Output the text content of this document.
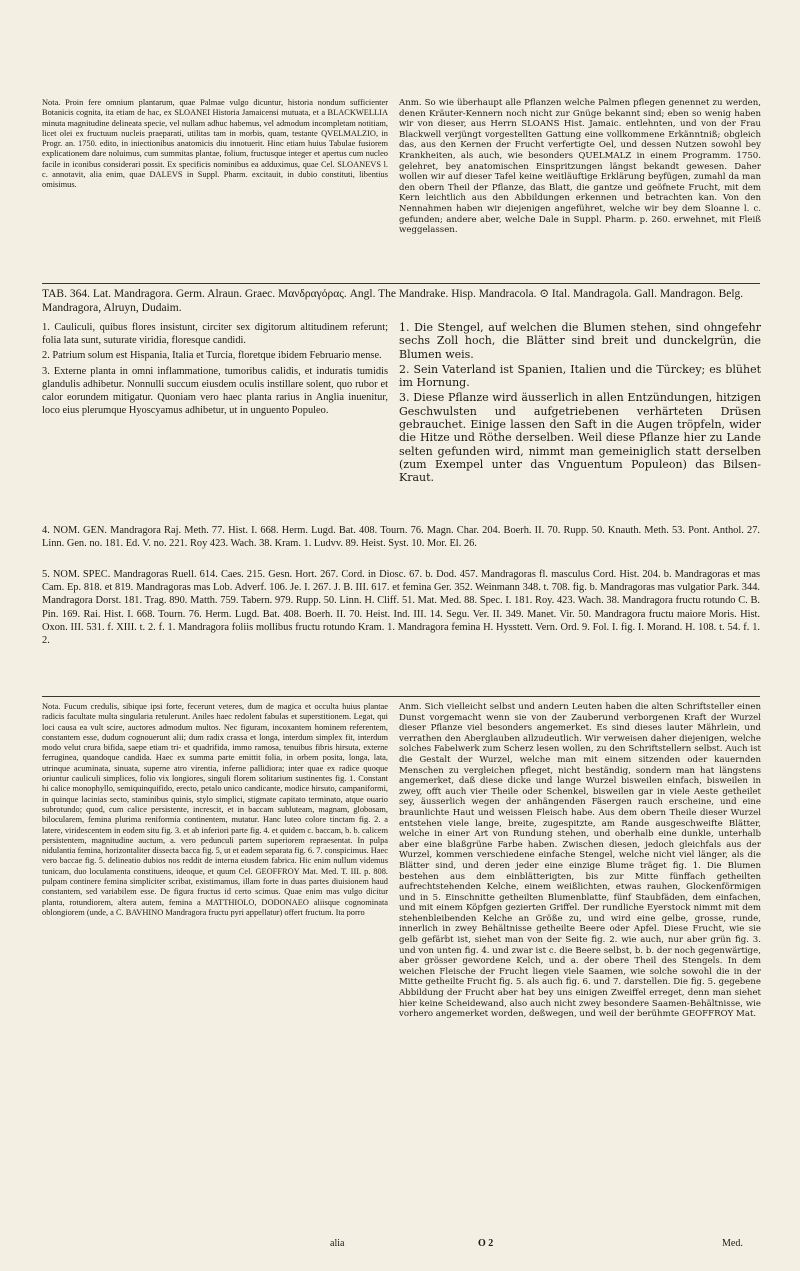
Nota. Proin fere omnium plantarum, quae Palmae vulgo dicuntur, historia nondum sufficienter Botanicis cognita, ita etiam de hac, ex SLOANEI Historia Jamaicensi mutuata, et a BLACKWELLIA minuta magnitudine delineata specie, vel nullam adhuc habemus, vel admodum incompletam notitiam, licet olei ex fructuum nucleis praeparati, utilitas tam in morbis, quam, testante QVELMALZIO, in Progr. an. 1750. edito, in iniectionibus anatomicis diu innotuerit. Hinc etiam huius Tabulae fusiorem explicationem dare noluimus, cum summitas plantae, folium, fructusque integer et apertus cum nucleo facile in iconibus considerari possit. Ex specificis nominibus ea adduximus, quae Cel. SLOANEVS l. c. annotavit, alia enim, quae DALEVS in Suppl. Pharm. excitauit, in dubio constituti, libentius omisimus.
Anm. So wie überhaupt alle Pflanzen welche Palmen pflegen genennet zu werden, denen Kräuter-Kennern noch nicht zur Gnüge bekannt sind; eben so wenig haben wir von dieser, aus Herrn SLOANS Hist. Jamaic. entlehnten, und von der Frau Blackwell verjüngt vorgestellten Gattung eine vollkommene Erkänntniß; obgleich das, aus den Kernen der Frucht verfertigte Oel, und dessen Nutzen sowohl bey Krankheiten, als auch, wie besonders QUELMALZ in einem Programm. 1750. gelehret, bey anatomischen Einspritzungen längst bekandt gewesen. Daher wollen wir auf dieser Tafel keine weitläuftige Erklärung beyfügen, zumahl da man den obern Theil der Pflanze, das Blatt, die gantze und geöfnete Frucht, mit dem Kern leichtlich aus den Abbildungen erkennen und betrachten kan. Von den Nennahmen haben wir diejenigen angeführet, welche wir bey dem Sloanne l. c. gefunden; andere aber, welche Dale in Suppl. Pharm. p. 260. erwehnet, mit Fleiß weggelassen.
TAB. 364. Lat. Mandragora. Germ. Alraun. Graec. Μανδραγόρας. Angl. The Mandrake. Hisp. Mandracola. ⊙ Ital. Mandragola. Gall. Mandragon. Belg. Mandragora, Alruyn, Dudaim.

1. Cauliculi, quibus flores insistunt, circiter sex digitorum altitudinem referunt; folia lata sunt, suturate viridia, floresque candidi.

2. Patrium solum est Hispania, Italia et Turcia, floretque ibidem Februario mense.

3. Externe planta in omni inflammatione, tumoribus calidis, et induratis tumidis glandulis adhibetur. Nonnulli succum eiusdem oculis instillare solent, quo rubor et calor eorundem mitigatur. Quoniam vero haec planta rarius in Anglia inuenitur, loco eius plerumque Hyoscyamus adhibetur, ut in unguento Populeo.

1. Die Stengel, auf welchen die Blumen stehen, sind ohngefehr sechs Zoll hoch, die Blätter sind breit und dunckelgrün, die Blumen weis.

2. Sein Vaterland ist Spanien, Italien und die Türckey; es blühet im Hornung.

3. Diese Pflanze wird äusserlich in allen Entzündungen, hitzigen Geschwulsten und aufgetriebenen verhärteten Drüsen gebrauchet. Einige lassen den Saft in die Augen tröpfeln, wider die Hitze und Röthe derselben. Weil diese Pflanze hier zu Lande selten gefunden wird, nimmt man gemeiniglich statt derselben (zum Exempel unter das Vnguentum Populeon) das Bilsen-Kraut.

4. NOM. GEN. Mandragora Raj. Meth. 77. Hist. I. 668. Herm. Lugd. Bat. 408. Tourn. 76. Magn. Char. 204. Boerh. II. 70. Rupp. 50. Knauth. Meth. 53. Pont. Anthol. 27. Linn. Gen. no. 181. Ed. V. no. 221. Roy 423. Wach. 38. Kram. 1. Ludvv. 89. Heist. Syst. 10. Mor. El. 26.
5. NOM. SPEC. Mandragoras Ruell. 614. Caes. 215. Gesn. Hort. 267. Cord. in Diosc. 67. b. Dod. 457. Mandragoras fl. masculus Cord. Hist. 204. b. Mandragoras et mas Cam. Ep. 818. et 819. Mandragoras mas Lob. Adverf. 106. Je. I. 267. J. B. III. 617. et femina Ger. 352. Weinmann 348. t. 708. fig. b. Mandragoras mas vulgatior Park. 344. Mandragora Dorst. 181. Trag. 890. Matth. 759. Tabern. 979. Rupp. 50. Linn. H. Cliff. 51. Mat. Med. 88. Spec. I. 181. Roy. 423. Wach. 38. Mandragora fructu rotundo C. B. Pin. 169. Rai. Hist. I. 668. Tourn. 76. Herm. Lugd. Bat. 408. Boerh. II. 70. Heist. Ind. III. 14. Segu. Ver. II. 349. Manet. Vir. 50. Mandragora fructu maiore Moris. Hist. Oxon. III. 531. f. XIII. t. 2. f. 1. Mandragora foliis mollibus fructu rotundo Kram. 1. Mandragora femina H. Hysstett. Vern. Ord. 9. Fol. I. fig. I. Morand. H. 108. t. 54. f. 1. 2.
Nota. Fucum credulis, sibique ipsi forte, fecerunt veteres, dum de magica et occulta huius plantae radicis facultate multa singularia retulerunt. Aniles haec redolent fabulas et superstitionem. Legat, qui loci causa ea vult scire, auctores admodum multos. Nec figuram, incoxantem hominem referentem, constantem esse, dudum cognouerunt alii; dum radix crassa et longa, interdum simplex fit, interdum modo velut crura bifida, saepe etiam tri- et quadrifida, immo ramosa, tenuibus fibris hirsuta, externe ferruginea, quandoque candida. Haec ex summa parte emittit folia, in orbem posita, longa, lata, utrinque acuminata, sinuata, superne atro virentia, inferne pallidiora; inter quae ex radice quoque oriuntur cauliculi simplices, folio vix longiores, singuli florem solitarium sustinentes fig. 1. Constant hi calice monophyllo, semiquinquifido, erecto, petalo unico candicante, modice hirsuto, campaniformi, in quinque lacinias secto, staminibus quinis, stylo simplici, stigmate capitato terminato, atque ouario subrotundo; quod, cum calice persistente, increscit, et in baccam subluteam, magnam, globosam, bilocularem, femina plurima reniformia continentem, mutatur. Hanc luteo colore tinctam fig. 2. a latere, viridescentem in eodem situ fig. 3. et ab inferiori parte fig. 4. et quidem c. baccam, b. b. calicem persistentem, magnitudine auctum, a. vero pedunculi partem superiorem repraesentat. In pulpa nidulantia femina, horizontaliter dissecta bacca fig. 5, ut et eadem separata fig. 6. 7. conspicimus. Haec vero baccae fig. 5. delineatio dubios nos reddit de interna eiusdem fabrica. Hic enim nullum videmus tunicam, duo loculamenta constituens, ideoque, et quum Cel. GEOFFROY Mat. Med. T. III. p. 808. pulpam continere femina simpliciter scribat, existimamus, illam forte in duas partes diuisionem haud constantem, sed variabilem esse. De figura fructus id certo scimus. Quae enim mas vulgo dicitur planta, rotundiorem, altera autem, femina a MATTHIOLO, DODONAEO aliisque cognominata oblongiorem (unde, a C. BAVHINO Mandragora fructu pyri appellatur) offert fructum. Ita porro
Anm. Sich vielleicht selbst und andern Leuten haben die alten Schriftsteller einen Dunst vorgemacht wenn sie von der Zauberund verborgenen Kraft der Wurzel dieser Pflanze viel besonders angemerket. Es sind dieses lauter Mährlein, und verrathen den Aberglauben allzudeutlich. Wir verweisen daher diejenigen, welche solches Fabelwerk zum Scherz lesen wollen, zu den Schriftstellern selbst. Auch ist die Gestalt der Wurzel, welche man mit einem sitzenden oder kauernden Menschen zu vergleichen pfleget, nicht beständig, sondern man hat längstens angemerket, daß diese dicke und lange Wurzel bisweilen einfach, bisweilen in zwey, offt auch vier Theile oder Schenkel, bisweilen gar in viele Aeste getheilet sey, äusserlich wegen der anhängenden Fäsergen rauch erscheine, und eine braunlichte Haut und weissen Fleisch habe. Aus dem obern Theile dieser Wurzel entstehen viele lange, breite, zugespitzte, am Rande ausgeschweifte Blätter, welche in einer Art von Rundung stehen, und oberhalb eine dunkle, unterhalb aber eine blaßgrüne Farbe haben. Zwischen diesen, jedoch gleichfals aus der Wurzel, kommen verschiedene einfache Stengel, welche nicht viel länger, als die Blätter sind, und deren jeder eine einzige Blume träget fig. 1. Die Blumen bestehen aus dem einblätterigten, bis zur Mitte fünffach getheilten aufrechtstehenden Kelche, einem weißlichten, etwas rauhen, Glockenförmigen und in 5. Einschnitte getheilten Blumenblatte, fünf Staubfäden, dem einfachen, und mit einem Köpfgen gezierten Griffel. Der rundliche Eyerstock nimmt mit dem stehenbleibenden Kelche an Größe zu, und wird eine gelbe, grosse, runde, innerlich in zwey Behältnisse getheilte Beere oder Apfel. Diese Frucht, wie sie gelb gefärbt ist, siehet man von der Seite fig. 2. wie auch, nur aber grün fig. 3. und von unten fig. 4. und zwar ist c. die Beere selbst, b. b. der noch gegenwärtige, aber grösser gewordene Kelch, und a. der obere Theil des Stengels. In dem weichen Fleische der Frucht liegen viele Saamen, wie solche sowohl die in der Mitte getheilte Frucht fig. 5. als auch fig. 6. und 7. darstellen. Die fig. 5. gegebene Abbildung der Frucht aber hat bey uns einigen Zweiffel erreget, denn man siehet hier keine Scheidewand, also auch nicht zwey besondere Saamen-Behältnisse, wie vorhero angemerket worden, deßwegen, und weil der berühmte GEOFFROY Mat.
alia	O 2	Med.
